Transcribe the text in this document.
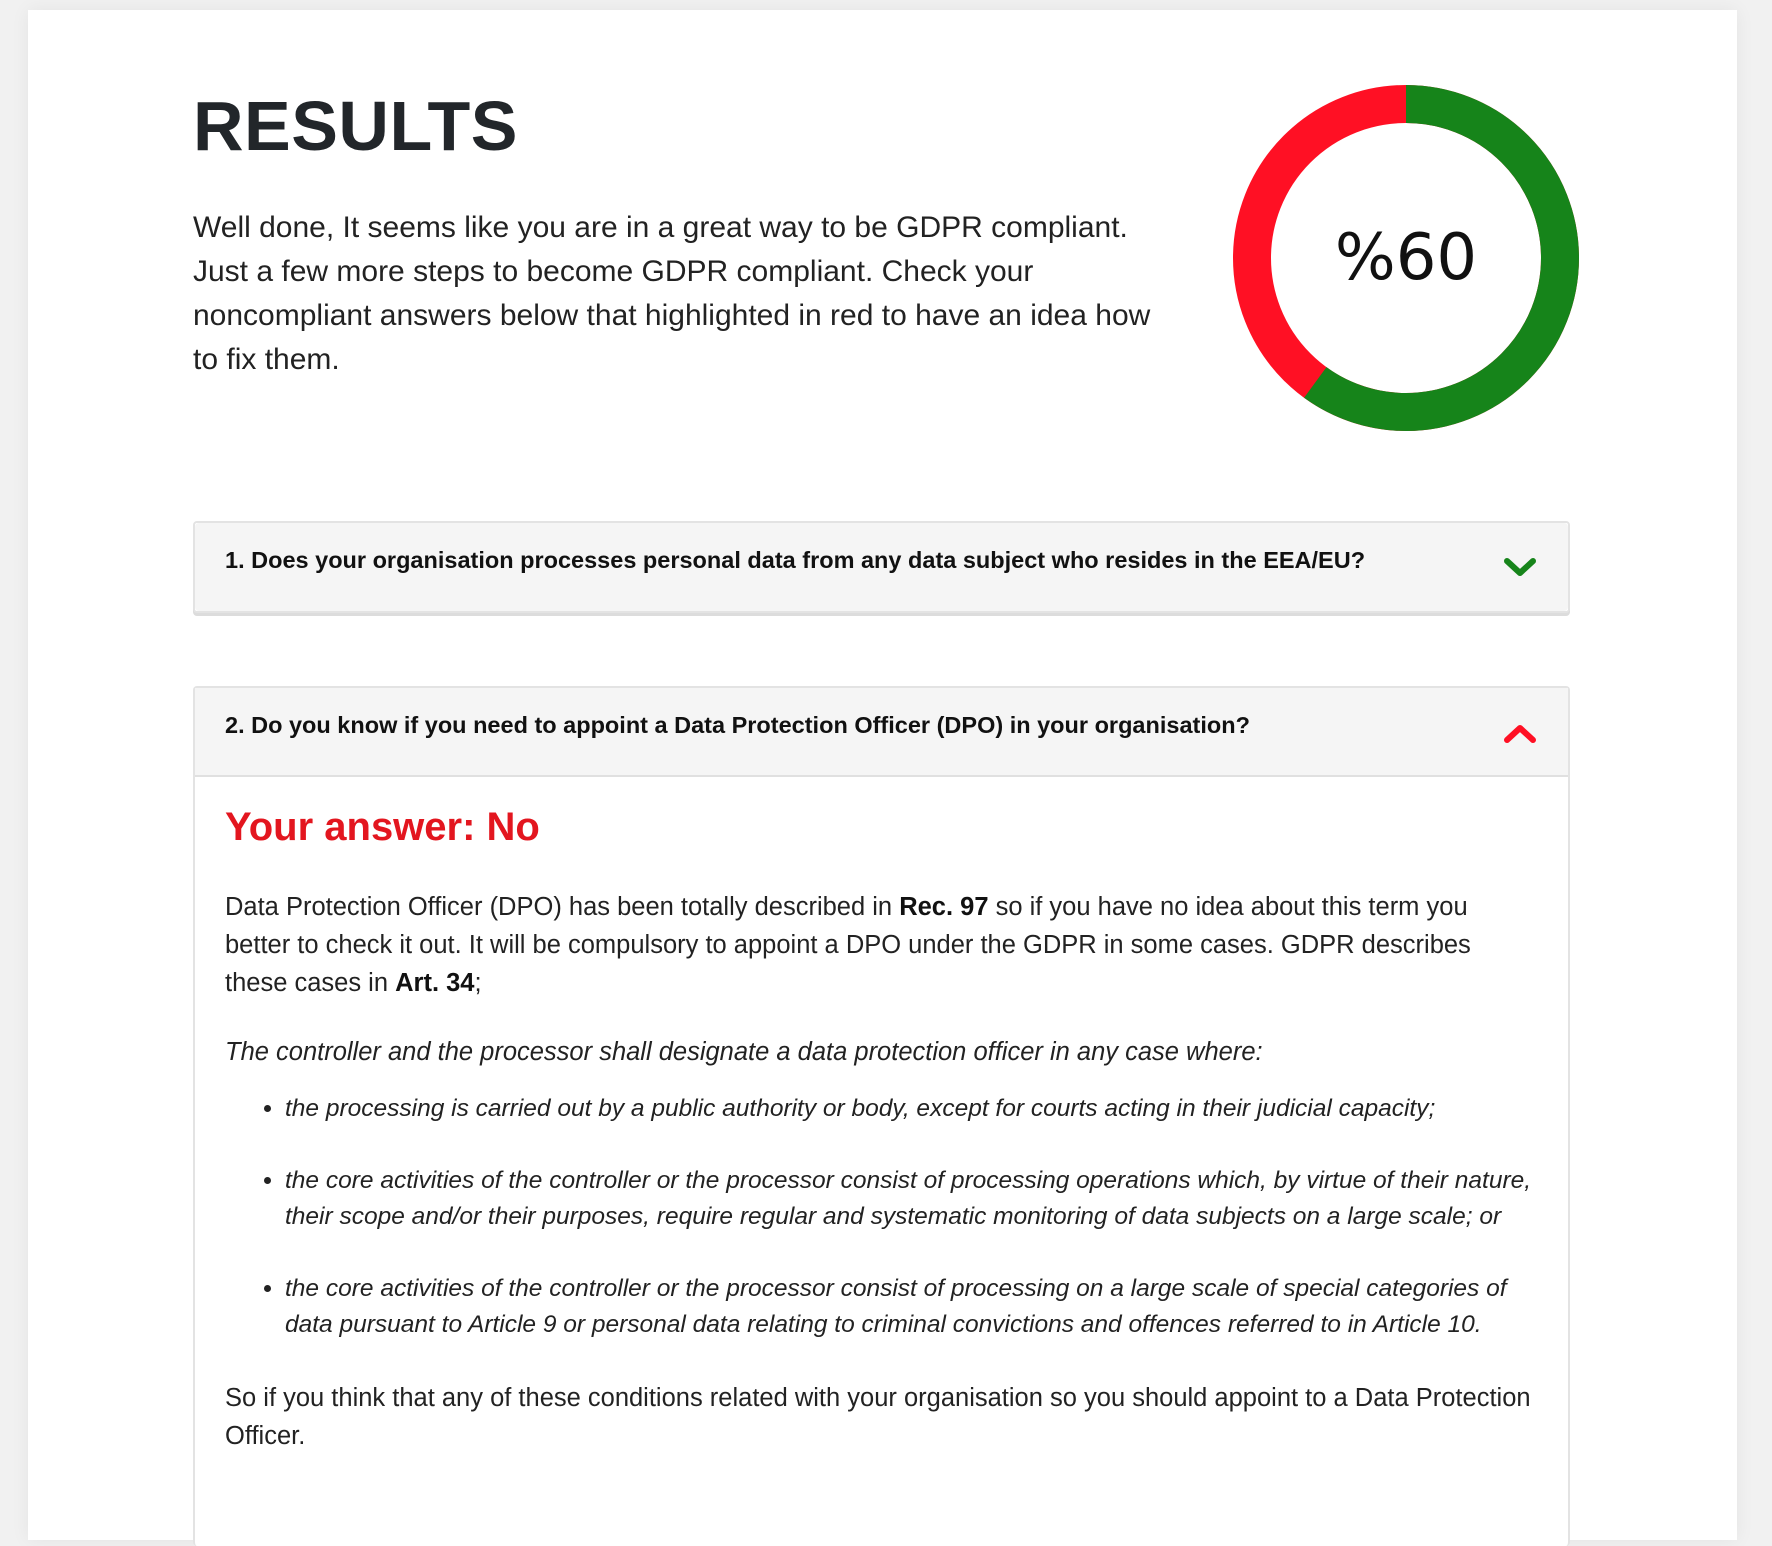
RESULTS

Well done, It seems like you are in a great way to be GDPR compliant. Just a few more steps to become GDPR compliant. Check your noncompliant answers below that highlighted in red to have an idea how to fix them.

%60
1. Does your organisation processes personal data from any data subject who resides in the EEA/EU?
2. Do you know if you need to appoint a Data Protection Officer (DPO) in your organisation?
Your answer: No

Data Protection Officer (DPO) has been totally described in Rec. 97 so if you have no idea about this term you better to check it out. It will be compulsory to appoint a DPO under the GDPR in some cases. GDPR describes these cases in Art. 34;

The controller and the processor shall designate a data protection officer in any case where:

• the processing is carried out by a public authority or body, except for courts acting in their judicial capacity;
• the core activities of the controller or the processor consist of processing operations which, by virtue of their nature, their scope and/or their purposes, require regular and systematic monitoring of data subjects on a large scale; or
• the core activities of the controller or the processor consist of processing on a large scale of special categories of data pursuant to Article 9 or personal data relating to criminal convictions and offences referred to in Article 10.

So if you think that any of these conditions related with your organisation so you should appoint to a Data Protection Officer.
